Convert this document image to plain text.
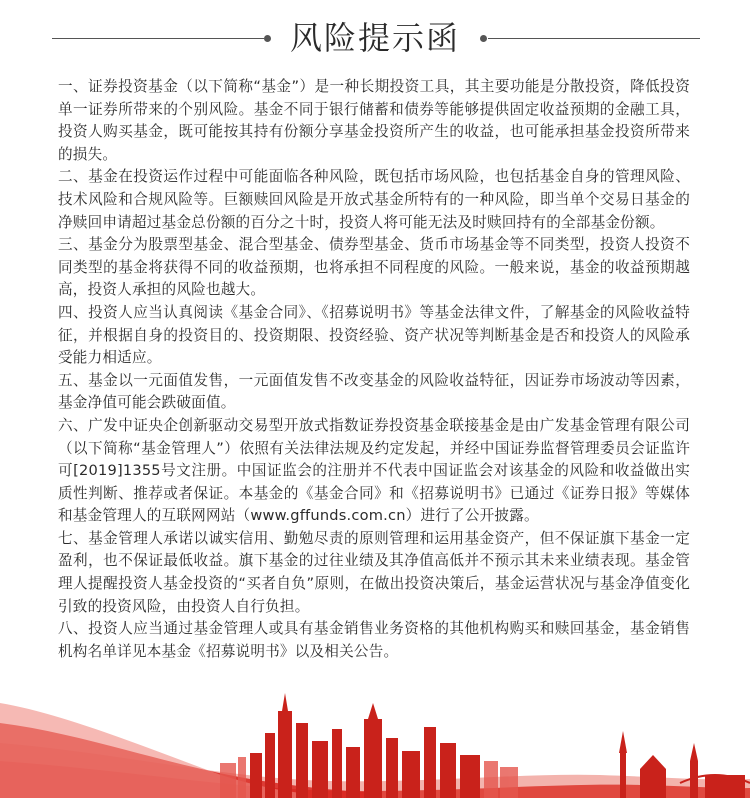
风险提示函

一、证券投资基金（以下简称“基金”）是一种长期投资工具，其主要功能是分散投资，降低投资单一证券所带来的个别风险。基金不同于银行储蓄和债券等能够提供固定收益预期的金融工具，投资人购买基金，既可能按其持有份额分享基金投资所产生的收益，也可能承担基金投资所带来的损失。

二、基金在投资运作过程中可能面临各种风险，既包括市场风险，也包括基金自身的管理风险、技术风险和合规风险等。巨额赎回风险是开放式基金所特有的一种风险，即当单个交易日基金的净赎回申请超过基金总份额的百分之十时，投资人将可能无法及时赎回持有的全部基金份额。

三、基金分为股票型基金、混合型基金、债券型基金、货币市场基金等不同类型，投资人投资不同类型的基金将获得不同的收益预期，也将承担不同程度的风险。一般来说，基金的收益预期越高，投资人承担的风险也越大。

四、投资人应当认真阅读《基金合同》、《招募说明书》等基金法律文件，了解基金的风险收益特征，并根据自身的投资目的、投资期限、投资经验、资产状况等判断基金是否和投资人的风险承受能力相适应。

五、基金以一元面值发售，一元面值发售不改变基金的风险收益特征，因证券市场波动等因素，基金净值可能会跌破面值。

六、广发中证央企创新驱动交易型开放式指数证券投资基金联接基金是由广发基金管理有限公司（以下简称“基金管理人”）依照有关法律法规及约定发起，并经中国证券监督管理委员会证监许可[2019]1355号文注册。中国证监会的注册并不代表中国证监会对该基金的风险和收益做出实质性判断、推荐或者保证。本基金的《基金合同》和《招募说明书》已通过《证券日报》等媒体和基金管理人的互联网网站（www.gffunds.com.cn）进行了公开披露。

七、基金管理人承诺以诚实信用、勤勉尽责的原则管理和运用基金资产，但不保证旗下基金一定盈利，也不保证最低收益。旗下基金的过往业绩及其净值高低并不预示其未来业绩表现。基金管理人提醒投资人基金投资的“买者自负”原则，在做出投资决策后，基金运营状况与基金净值变化引致的投资风险，由投资人自行负担。

八、投资人应当通过基金管理人或具有基金销售业务资格的其他机构购买和赎回基金，基金销售机构名单详见本基金《招募说明书》以及相关公告。
